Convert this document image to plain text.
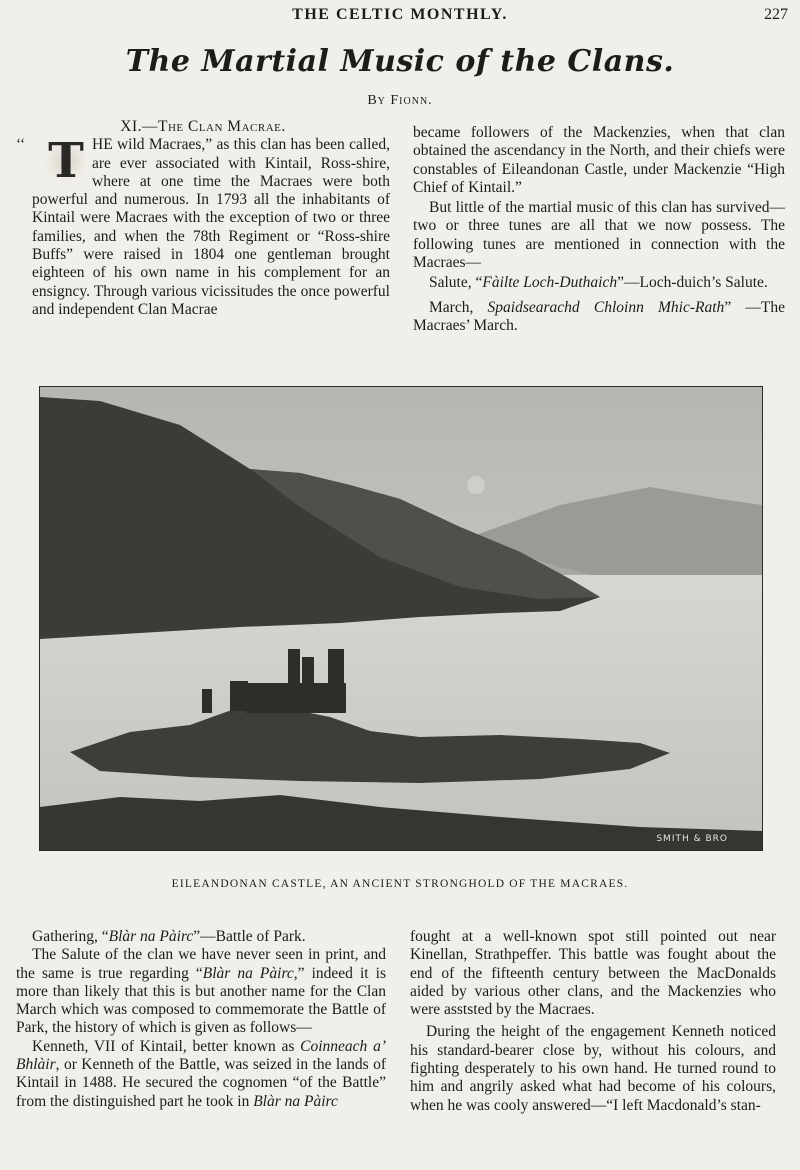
THE CELTIC MONTHLY.	227
The Martial Music of the Clans.
By Fionn.

XI.—The Clan Macrae.

‘‘ T HE wild Macraes,” as this clan has been called, are ever associated with Kintail, Ross-shire, where at one time the Macraes were both powerful and numerous. In 1793 all the inhabitants of Kintail were Macraes with the exception of two or three families, and when the 78th Regiment or “Ross-shire Buffs” were raised in 1804 one gentleman brought eighteen of his own name in his complement for an ensigncy. Through various vicissitudes the once powerful and independent Clan Macrae

became followers of the Mackenzies, when that clan obtained the ascendancy in the North, and their chiefs were constables of Eileandonan Castle, under Mackenzie “High Chief of Kintail.”

But little of the martial music of this clan has survived—two or three tunes are all that we now possess. The following tunes are mentioned in connection with the Macraes—

Salute, “Fàilte Loch-Duthaich”—Loch-duich’s Salute.

March, Spaidsearachd Chloinn Mhic-Rath” —The Macraes’ March.

SMITH & BRO
EILEANDONAN CASTLE, AN ANCIENT STRONGHOLD OF THE MACRAES.

Gathering, “Blàr na Pàirc”—Battle of Park.

The Salute of the clan we have never seen in print, and the same is true regarding “Blàr na Pàirc,” indeed it is more than likely that this is but another name for the Clan March which was composed to commemorate the Battle of Park, the history of which is given as follows—

Kenneth, VII of Kintail, better known as Coinneach a’ Bhlàir, or Kenneth of the Battle, was seized in the lands of Kintail in 1488. He secured the cognomen “of the Battle” from the distinguished part he took in Blàr na Pàirc

fought at a well-known spot still pointed out near Kinellan, Strathpeffer. This battle was fought about the end of the fifteenth century between the MacDonalds aided by various other clans, and the Mackenzies who were asststed by the Macraes.

During the height of the engagement Kenneth noticed his standard-bearer close by, without his colours, and fighting desperately to his own hand. He turned round to him and angrily asked what had become of his colours, when he was cooly answered—“I left Macdonald’s stan-
